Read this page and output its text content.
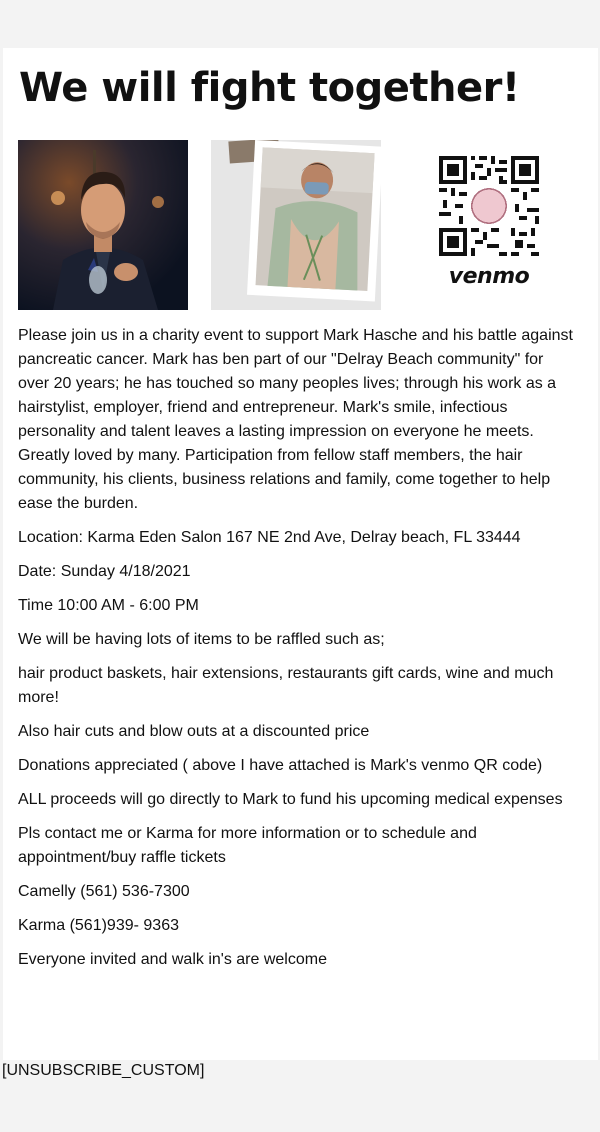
We will fight together!
venmo

Please join us in a charity event to support Mark Hasche and his battle against pancreatic cancer. Mark has ben part of our "Delray Beach community" for over 20 years; he has touched so many peoples lives; through his work as a hairstylist, employer, friend and entrepreneur. Mark's smile, infectious personality and talent leaves a lasting impression on everyone he meets. Greatly loved by many. Participation from fellow staff members, the hair community, his clients, business relations and family, come together to help ease the burden.

Location: Karma Eden Salon 167 NE 2nd Ave, Delray beach, FL 33444

Date: Sunday 4/18/2021

Time 10:00 AM - 6:00 PM

We will be having lots of items to be raffled such as;

hair product baskets, hair extensions, restaurants gift cards, wine and much more!

Also hair cuts and blow outs at a discounted price

Donations appreciated ( above I have attached is Mark's venmo QR code)

ALL proceeds will go directly to Mark to fund his upcoming medical expenses

Pls contact me or Karma for more information or to schedule and appointment/buy raffle tickets

Camelly (561) 536-7300

Karma (561)939- 9363

Everyone invited and walk in's are welcome

[UNSUBSCRIBE_CUSTOM]
